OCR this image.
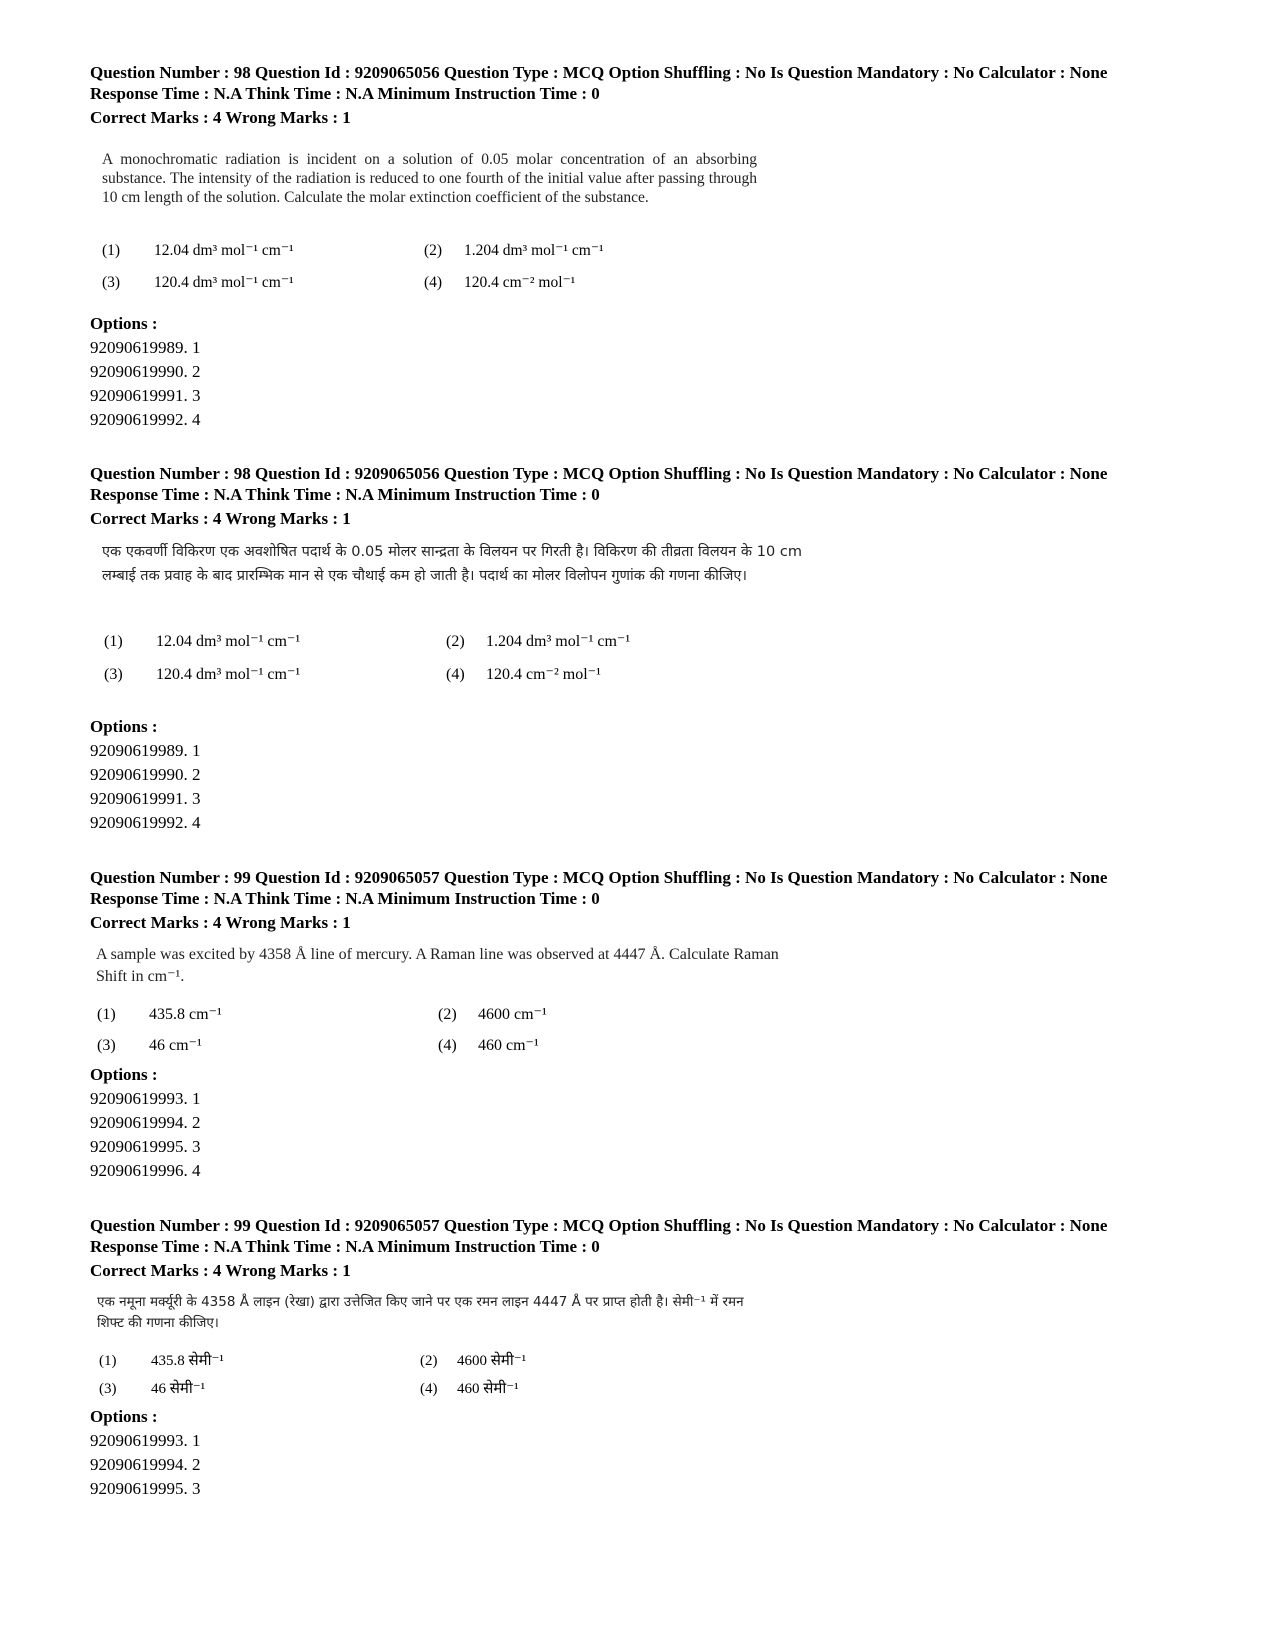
Question Number : 98 Question Id : 9209065056 Question Type : MCQ Option Shuffling : No Is Question Mandatory : No Calculator : None
Response Time : N.A Think Time : N.A Minimum Instruction Time : 0
Correct Marks : 4 Wrong Marks : 1
A monochromatic radiation is incident on a solution of 0.05 molar concentration of an absorbing substance. The intensity of the radiation is reduced to one fourth of the initial value after passing through 10 cm length of the solution. Calculate the molar extinction coefficient of the substance.
(1) 12.04 dm³ mol⁻¹ cm⁻¹	(2) 1.204 dm³ mol⁻¹ cm⁻¹
(3) 120.4 dm³ mol⁻¹ cm⁻¹	(4) 120.4 cm⁻² mol⁻¹
Options :
92090619989. 1
92090619990. 2
92090619991. 3
92090619992. 4
Question Number : 98 Question Id : 9209065056 Question Type : MCQ Option Shuffling : No Is Question Mandatory : No Calculator : None
Response Time : N.A Think Time : N.A Minimum Instruction Time : 0
Correct Marks : 4 Wrong Marks : 1
एक एकवर्णी विकिरण एक अवशोषित पदार्थ के 0.05 मोलर सान्द्रता के विलयन पर गिरती है। विकिरण की तीव्रता विलयन के 10 cm लम्बाई तक प्रवाह के बाद प्रारम्भिक मान से एक चौथाई कम हो जाती है। पदार्थ का मोलर विलोपन गुणांक की गणना कीजिए।
(1) 12.04 dm³ mol⁻¹ cm⁻¹	(2) 1.204 dm³ mol⁻¹ cm⁻¹
(3) 120.4 dm³ mol⁻¹ cm⁻¹	(4) 120.4 cm⁻² mol⁻¹
Options :
92090619989. 1
92090619990. 2
92090619991. 3
92090619992. 4
Question Number : 99 Question Id : 9209065057 Question Type : MCQ Option Shuffling : No Is Question Mandatory : No Calculator : None
Response Time : N.A Think Time : N.A Minimum Instruction Time : 0
Correct Marks : 4 Wrong Marks : 1
A sample was excited by 4358 Å line of mercury. A Raman line was observed at 4447 Å. Calculate Raman Shift in cm⁻¹.
(1) 435.8 cm⁻¹	(2) 4600 cm⁻¹
(3) 46 cm⁻¹	(4) 460 cm⁻¹
Options :
92090619993. 1
92090619994. 2
92090619995. 3
92090619996. 4
Question Number : 99 Question Id : 9209065057 Question Type : MCQ Option Shuffling : No Is Question Mandatory : No Calculator : None
Response Time : N.A Think Time : N.A Minimum Instruction Time : 0
Correct Marks : 4 Wrong Marks : 1
एक नमूना मर्क्यूरी के 4358 Å लाइन (रेखा) द्वारा उत्तेजित किए जाने पर एक रमन लाइन 4447 Å पर प्राप्त होती है। सेमी⁻¹ में रमन शिफ्ट की गणना कीजिए।
(1) 435.8 सेमी⁻¹	(2) 4600 सेमी⁻¹
(3) 46 सेमी⁻¹	(4) 460 सेमी⁻¹
Options :
92090619993. 1
92090619994. 2
92090619995. 3
